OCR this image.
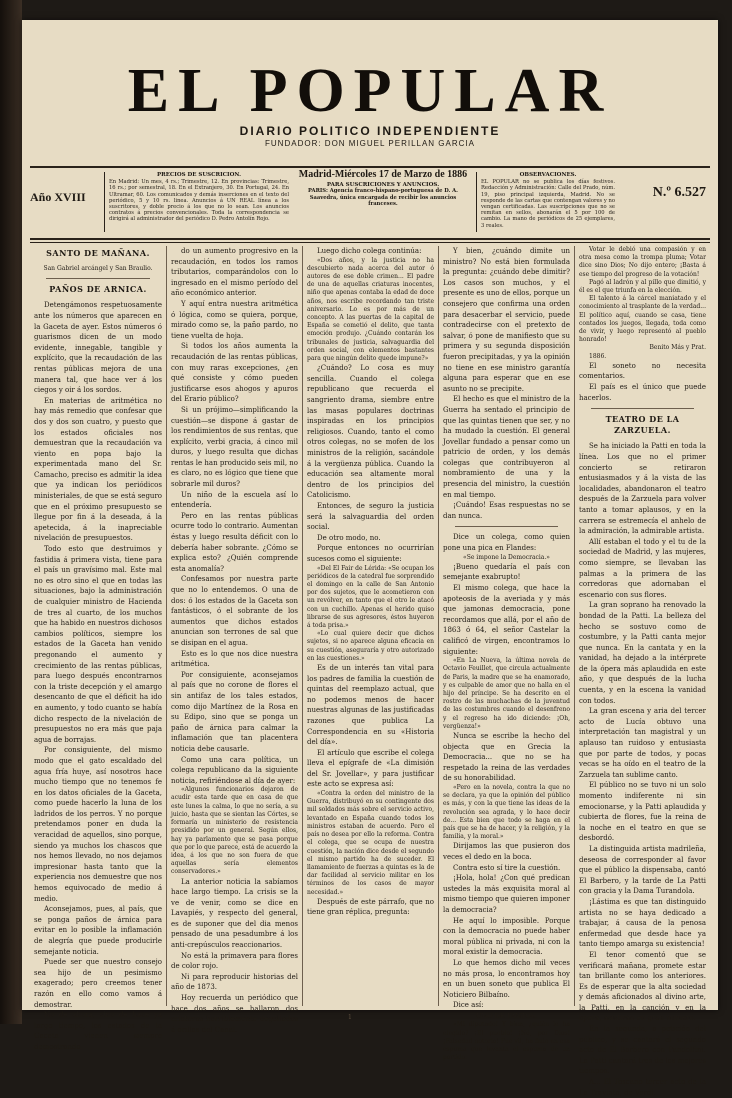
EL POPULAR
DIARIO POLITICO INDEPENDIENTE
FUNDADOR: DON MIGUEL PERILLAN GARCIA
Año XVIII
PRECIOS DE SUSCRICION.
En Madrid: Un mes, 4 rs.; Trimestre, 12. En provincias: Trimestre, 16 rs.; por semestral, 18. En el Extranjero, 30. En Portugal, 24. En Ultramar, 60. Los comunicados y demás inserciones en el texto del periódico, 5 y 10 rs. linea. Anuncios á UN REAL línea a los suscritores, y doble precio á los que no lo sean. Los anuncios contratos á precios convencionales. Toda la correspondencia se dirigirá al administrador del periódico D. Pedro Antolín Rojo.
Madrid-Miércoles 17 de Marzo de 1886
PARA SUSCRICIONES Y ANUNCIOS.
PARIS: Agencia franco-hispano-portuguesa de D. A. Saavedra, única encargada de recibir los anuncios franceses.
OBSERVACIONES.
EL POPULAR no se publica los días festivos. Redacción y Administración: Calle del Prado, núm. 19, piso principal izquierda, Madrid. No se responde de las cartas que contengan valores y no vengan certificadas. Las suscripciones que no se remitan en sellos, abonarán el 5 por 100 de cambio. La mano de periódicos de 25 ejemplares, 3 reales.
N.º 6.527
SANTO DE MAÑANA.

San Gabriel arcángel y San Braulio.

PAÑOS DE ARNICA.

Detengámonos respetuosamente ante los números que aparecen en la Gaceta de ayer. Estos números ó guarismos dicen de un modo evidente, innegable, tangible y explícito, que la recaudación de las rentas públicas mejora de una manera tal, que hace ver á los ciegos y oir á los sordos.

En materias de aritmética no hay más remedio que confesar que dos y dos son cuatro, y puesto que los estados oficiales nos demuestran que la recaudación va viento en popa bajo la experimentada mano del Sr. Camacho, preciso es admitir la idea que ya indican los periódicos ministeriales, de que se está seguro que en el próximo presupuesto se llegue por fin á la deseada, á la apetecida, á la inapreciable nivelación de presupuestos.

Todo esto que destruimos y fastidia á primera vista, tiene para el país un gravísimo mal. Este mal no es otro sino el que en todas las situaciones, bajo la administración de cualquier ministro de Hacienda de tres al cuarto, de los muchos que ha habido en nuestros dichosos cambios políticos, siempre los estados de la Gaceta han venido pregonando el aumento y crecimiento de las rentas públicas, para luego después encontrarnos con la triste decepción y el amargo desencanto de que el déficit ha ido en aumento, y todo cuanto se había dicho respecto de la nivelación de presupuestos no era más que paja agua de borrajas.

Por consiguiente, del mismo modo que el gato escaldado del agua fría huye, así nosotros hace mucho tiempo que no tenemos fe en los datos oficiales de la Gaceta, como puede hacerlo la luna de los ladridos de los perros. Y no porque pretendamos poner en duda la veracidad de aquellos, sino porque, siendo ya muchos los chascos que nos hemos llevado, no nos dejamos impresionar hasta tanto que la experiencia nos demuestre que nos hemos equivocado de medio á medio.

Aconsejamos, pues, al país, que se ponga paños de árnica para evitar en lo posible la inflamación de alegría que puede producirle semejante noticia.

Puede ser que nuestro consejo sea hijo de un pesimismo exagerado; pero creemos tener razón en ello como vamos á demostrar.

No de ahora, sino de hace ya largo tiempo, los estados de la Gaceta vienen siempre demostrando

do un aumento progresivo en la recaudación, en todos los ramos tributarios, comparándolos con lo ingresado en el mismo período del año económico anterior.

Y aquí entra nuestra aritmética ó lógica, como se quiera, porque, mirado como se, la paño pardo, no tiene vuelta de hoja.

Si todos los años aumenta la recaudación de las rentas públicas, con muy raras excepciones, ¿en qué consiste y cómo pueden justificarse esos ahogos y apuros del Erario público?

Si un prójimo—simplificando la cuestión—se dispone á gastar de los rendimientos de sus rentas, que explícito, verbi gracia, á cinco mil duros, y luego resulta que dichas rentas le han producido seis mil, no es claro, no es lógico que tiene que sobrarle mil duros?

Un niño de la escuela así lo entendería.

Pero en las rentas públicas ocurre todo lo contrario. Aumentan éstas y luego resulta déficit con lo debería haber sobrante. ¿Cómo se explica esto? ¿Quién comprende esta anomalía?

Confesamos por nuestra parte que no lo entendemos. O una de dos: ó los estados de la Gaceta son fantásticos, ó el sobrante de los aumentos que dichos estados anuncian son terrones de sal que se disipan en el agua.

Esto es lo que nos dice nuestra aritmética.

Por consiguiente, aconsejamos al país que no corone de flores el sin antifaz de los tales estados, como dijo Martínez de la Rosa en su Edipo, sino que se ponga un paño de árnica para calmar la inflamación que tan placentera noticia debe causarle.

Como una cara política, un colega republicano da la siguiente noticia, refiriéndose al día de ayer:

«Algunos funcionarios dejaron de acudir esta tarde que en casa de que este lunes la calma, lo que no sería, a su juicio, hasta que se sientan las Córtes, se formaría un ministerio de resistencia presidido por un general. Según ellos, hay ya parlamento que se pasa porque que por lo que parece, está de acuerdo la idea, á los que no son fuera de que aquellas sería elementos conservadores.»

La anterior noticia la sabíamos hace largo tiempo. La crisis se la ve de venir, como se dice en Lavapiés, y respecto del general, es de suponer que del dia menos pensado de una pesadumbre á los anti-crepúsculos reaccionarios.

No está la primavera para flores de color rojo.

Ni para reproducir historias del año de 1873.

Hoy recuerda un periódico que hace dos años se hallaron dos criaturas horriblemente degolladas á orillas del Canal.

Luego dicho colega continúa:

«Dos años, y la justicia no ha descubierto nada acerca del autor ó autores de ese doble crimen... El padre de una de aquellas criaturas inocentes, niño que apenas contaba la edad de doce años, nos escribe recordando tan triste aniversario. Lo es por más de un concepto. A las puertas de la capital de España se cometió el delito, que tanta emoción produjo. ¿Cuándo contarán los tribunales de justicia, salvaguardia del orden social, con elementos bastantes para que ningún delito quede impune?»

¿Cuándo? Lo cosa es muy sencilla. Cuando el colega republicano que recuerda el sangriento drama, siembre entre las masas populares doctrinas inspiradas en los principios religiosos. Cuando, tanto el como otros colegas, no se mofen de los ministros de la religión, sacándole á la vergüenza pública. Cuando la educación sea altamente moral dentro de los principios del Catolicismo.

Entonces, de seguro la justicia será la salvaguardia del orden social.

De otro modo, no.

Porque entonces no ocurrirían sucesos como el siguiente:

«Del El Fair de Lérida: «Se ocupan los periódicos de la catedral fue sorprendido el domingo en la calle de San Antonio por dos sujetos, que le acometieron con un revólver, en tanto que el otro le atacó con un cuchillo. Apenas el herido quiso librarse de sus agresores, éstos huyeron á toda prisa.»

«Lo cual quiere decir que dichos sujetos, si no aparece alguna eficacia en su cuestión, aseguraría y otro autorizado en las cuestiones.»

Es de un interés tan vital para los padres de familia la cuestión de quintas del reemplazo actual, que no podemos menos de hacer nuestras algunas de las justificadas razones que publica La Correspondencia en su «Historia del día».

El artículo que escribe el colega lleva el epígrafe de «La dimisión del Sr. Jovellar», y para justificar este acto se expresa así:

«Contra la orden del ministro de la Guerra, distribuyó en su contingente dos mil soldados más sobre el servicio activo, levantado en España cuando todos los ministros estaban de acuerdo. Pero el país no desea por ello la reforma. Contra el colega, que se ocupa de nuestra cuestión, la nación dice desde el segundo el mismo partido ha de suceder. El llamamiento de fuerzas a quintas es la de dar facilidad al servicio militar en los términos de los casos de mayor necesidad.»

Después de este párrafo, que no tiene gran réplica, pregunta:

Y bien, ¿cuándo dimite un ministro? No está bien formulada la pregunta: ¿cuándo debe dimitir? Los casos son muchos, y el presente es uno de ellos, porque un consejero que confirma una orden para desacerbar el servicio, puede contradecirse con el pretexto de salvar, ó pone de manifiesto que su primera y su segunda disposición fueron precipitadas, y ya la opinión no tiene en ese ministro garantía alguna para esperar que en ese asunto no se precipite.

El hecho es que el ministro de la Guerra ha sentado el principio de que las quintas tienen que ser, y no ha mudado la cuestión. El general Jovellar fundado a pensar como un patricio de orden, y los demás colegas que contribuyeron al nombramiento de una y la presencia del ministro, la cuestión en mal tiempo.

¡Cuándo! Esas respuestas no se dan nunca.

Dice un colega, como quien pone una pica en Flandes:

«Se impone la Democracia.»

¡Bueno quedaría el país con semejante exabrupto!

El mismo colega, que hace la apoteosis de la averiada y y más que jamonas democracia, pone recordamos que allá, por el año de 1863 ó 64, el señor Castelar la calificó de virgen, encontramos lo siguiente:

«En La Nueva, la última novela de Octavio Feuillet, que circula actualmente de Paris, la madre que se ha enamorado, y es culpable de amor que no halla en el hijo del príncipe. Se ha descrito en el rostro de las muchachas de la juventud de las costumbres cuando el desenfreno y el regreso ha ido diciendo: ¡Oh, vergüenza!»

Nunca se escribe la hecho del objecta que en Grecia la Democracia... que no se ha respetado la reina de las verdades de su honorabilidad.

«Pero en la novela, contra la que no se declara, ya que la opinión del público es más, y con la que tiene las ideas de la revolución sea agrada, y lo hace decir de... Esta bien que todo se haga en el país que se ha de hacer, y la religión, y la familia, y la moral.»

Dirijamos las que pusieron dos veces el dedo en la boca.

Contra esto sí tire la cuestión.

¡Hola, hola! ¿Con qué predican ustedes la más exquisita moral al mismo tiempo que quieren imponer la democracia?

He aquí lo imposible. Porque con la democracia no puede haber moral pública ni privada, ni con la moral existir la democracia.

Lo que hemos dicho mil veces no más prosa, lo encontramos hoy en un buen soneto que publica El Noticiero Bilbaíno.

Dice así:

UNO DE TANTOS.

«Mi diputado! Y bien, ¿quién le ha elegido? ¡El pueblo! ¡Nó, por Dios! ¡Falsedad notoria! Fué vil, ha fiulo en esa espuma que levanta el espuma de un partido.

Votar le debió una compasión y en otra mesa como la trompa pluma; Votar dice sino Dios; No dijo entero; ¡Basta á ese tiempo del progreso de la votación!

Pagó al ladrón y al pillo que dimitió, y él es el que triunfa en la elección.

El talento á la cárcel maniatado y el conocimiento al trasplante de la verdad... El político aquí, cuando se casa, tiene contados los juegos, llegada, toda como de vivir, y luego representó al pueblo honrado!

Benito Más y Prat.

1886.

El soneto no necesita comentarios.

El país es el único que puede hacerlos.

TEATRO DE LA ZARZUELA.

Se ha iniciado la Patti en toda la línea. Los que no el primer concierto se retiraron entusiasmados y á la vista de las localidades, abandonaron el teatro después de la Zarzuela para volver tanto a tomar aplausos, y en la carrera se estremecía el anhelo de la admiración, la admirable artista.

Allí estaban el todo y el tu de la sociedad de Madrid, y las mujeres, como siempre, se llevaban las palmas a la primera de las corredoras que adornaban el escenario con sus flores.

La gran soprano ha renovado la bondad de la Patti. La belleza del hecho se sostuvo como de costumbre, y la Patti canta mejor que nunca. En la cantata y en la vanidad, ha dejado a la intérprete de la ópera más aplaudida en este año, y que después de la lucha cuenta, y en la escena la vanidad con todos.

La gran escena y aria del tercer acto de Lucía obtuvo una interpretación tan magistral y un aplauso tan ruidoso y entusiasta que por parte de todos, y pocas vecas se ha oído en el teatro de la Zarzuela tan sublime canto.

El público no se tuvo ni un solo momento indiferente ni sin emocionarse, y la Patti aplaudida y cubierta de flores, fue la reina de la noche en el teatro en que se desbordó.

La distinguida artista madrileña, deseosa de corresponder al favor que el público la dispensaba, cantó El Barbero, y la tarde de La Patti con gracia y la Dama Turandola.

¡Lástima es que tan distinguido artista no se haya dedicado a trabajar, á causa de la penosa enfermedad que desde hace ya tanto tiempo amarga su existencia!

El tenor comentó que se verificará mañana, promete estar tan brillante como los anteriores. Es de esperar que la alta sociedad y demás aficionados al divino arte, la Patti, en la canción y en la ópera, asistirán en gran número.

En la segunda, a petición del público, y se cantará el segundo acto de El Barbero con Pandolfini. La Patti cantará tres de los mejores tiempos.

A... El Toscano tercer acto de la La Traviata, de Verdi.

1
